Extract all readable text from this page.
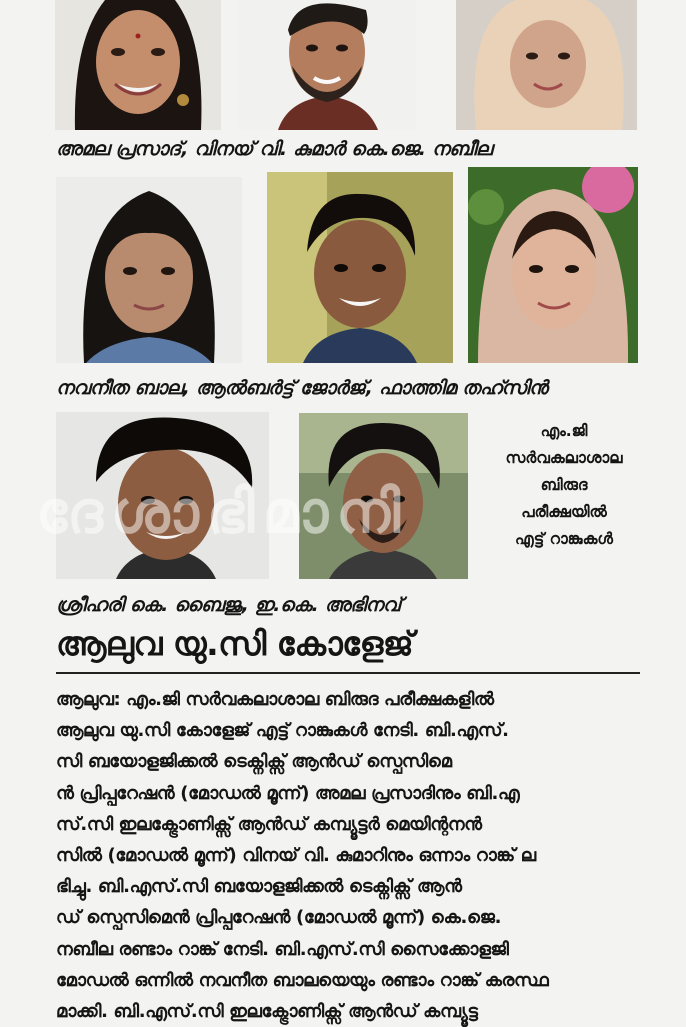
അമല പ്രസാദ്, വിനയ് വി. കുമാർ കെ.ജെ. നബീല
നവനീത ബാല, ആൽബർട്ട് ജോർജ്, ഫാത്തിമ തഹ്സിൻ
എം.ജി
സർവകലാശാല
ബിരുദ
പരീക്ഷയിൽ
എട്ട് റാങ്കുകൾ
ദേശാഭിമാനി
ശ്രീഹരി കെ. ബൈജു, ഇ.കെ. അഭിനവ്
ആലുവ യു.സി കോളേജ്
ആലുവ: എം.ജി സർവകലാശാല ബിരുദ പരീക്ഷകളിൽ
ആലുവ യു.സി കോളേജ് എട്ട് റാങ്കുകൾ നേടി. ബി.എസ്.
സി ബയോളജിക്കൽ ടെക്നിക്സ് ആൻഡ് സ്പെസിമെ
ൻ പ്രിപ്പറേഷൻ (മോഡൽ മൂന്ന്) അമല പ്രസാദിനും ബി.എ
സ്.സി ഇലക്ട്രോണിക്സ് ആൻഡ് കമ്പ്യൂട്ടർ മെയിന്റനൻ
സിൽ (മോഡൽ മൂന്ന്) വിനയ് വി. കുമാറിനും ഒന്നാം റാങ്ക് ല
ഭിച്ചു. ബി.എസ്.സി ബയോളജിക്കൽ ടെക്നിക്സ് ആൻ
ഡ് സ്പെസിമെൻ പ്രിപ്പറേഷൻ (മോഡൽ മൂന്ന്) കെ.ജെ.
നബീല രണ്ടാം റാങ്ക് നേടി. ബി.എസ്.സി സൈക്കോളജി
മോഡൽ ഒന്നിൽ നവനീത ബാലയെയും രണ്ടാം റാങ്ക് കരസ്ഥ
മാക്കി. ബി.എസ്.സി ഇലക്ട്രോണിക്സ് ആൻഡ് കമ്പ്യൂട്ട
